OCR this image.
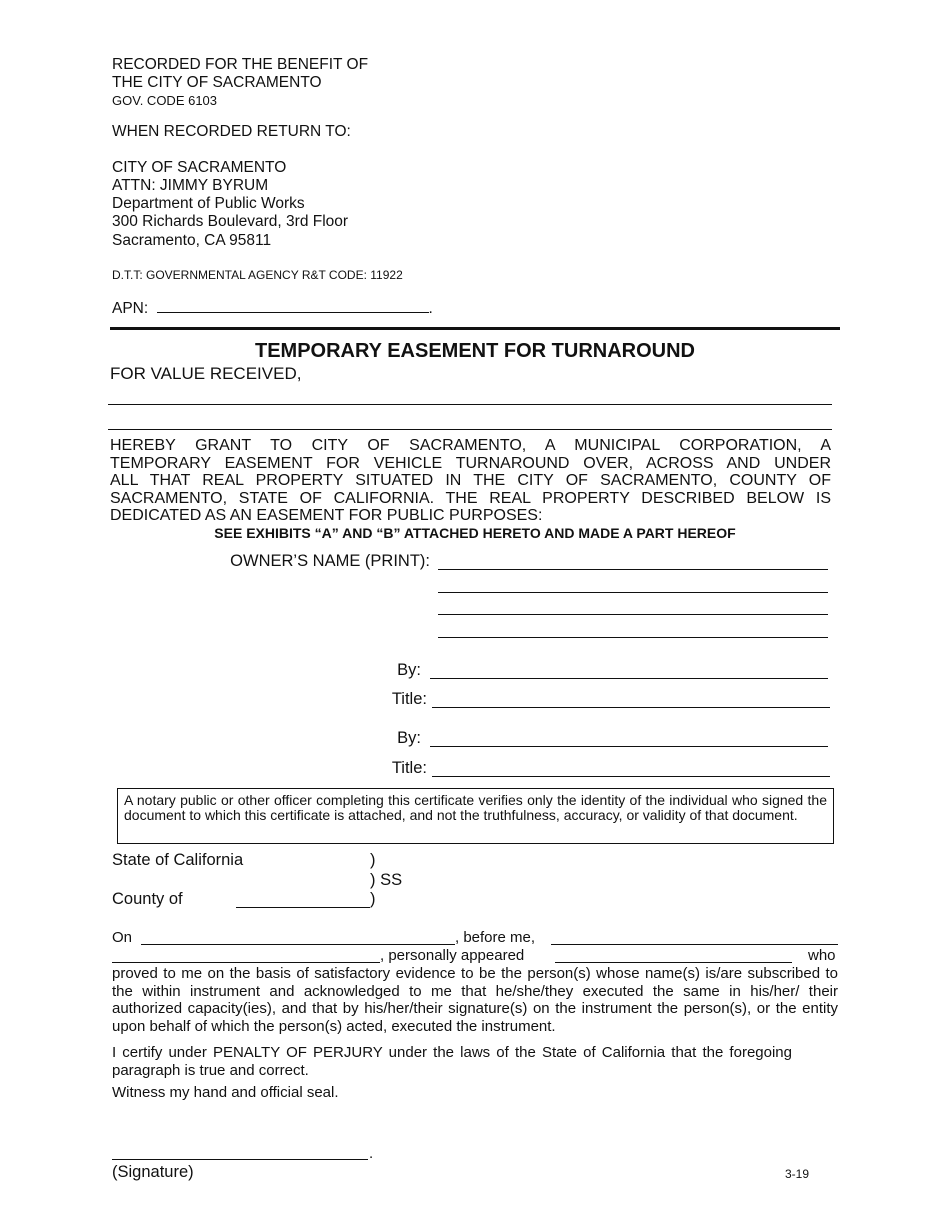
RECORDED FOR THE BENEFIT OF
THE CITY OF SACRAMENTO
GOV. CODE 6103
WHEN RECORDED RETURN TO:
CITY OF SACRAMENTO
ATTN: JIMMY BYRUM
Department of Public Works
300 Richards Boulevard, 3rd Floor
Sacramento, CA 95811
D.T.T: GOVERNMENTAL AGENCY R&T CODE: 11922
APN:	.
TEMPORARY EASEMENT FOR TURNAROUND
FOR VALUE RECEIVED,
HEREBY GRANT TO CITY OF SACRAMENTO, A MUNICIPAL CORPORATION, A
TEMPORARY EASEMENT FOR VEHICLE TURNAROUND OVER, ACROSS AND UNDER
ALL THAT REAL PROPERTY SITUATED IN THE CITY OF SACRAMENTO, COUNTY OF
SACRAMENTO, STATE OF CALIFORNIA. THE REAL PROPERTY DESCRIBED BELOW IS
DEDICATED AS AN EASEMENT FOR PUBLIC PURPOSES:
SEE EXHIBITS “A” AND “B” ATTACHED HERETO AND MADE A PART HEREOF
OWNER’S NAME (PRINT):
By:
Title:
By:
Title:
A notary public or other officer completing this certificate verifies only the identity of the individual who signed the document to which this certificate is attached, and not the truthfulness, accuracy, or validity of that document.
State of California	)
) SS
County of	)
On	, before me,
, personally appeared	who
proved to me on the basis of satisfactory evidence to be the person(s) whose name(s) is/are subscribed to the within instrument and acknowledged to me that he/she/they executed the same in his/her/ their authorized capacity(ies), and that by his/her/their signature(s) on the instrument the person(s), or the entity upon behalf of which the person(s) acted, executed the instrument.
I certify under PENALTY OF PERJURY under the laws of the State of California that the foregoing paragraph is true and correct.
Witness my hand and official seal.
.
(Signature)	3-19
